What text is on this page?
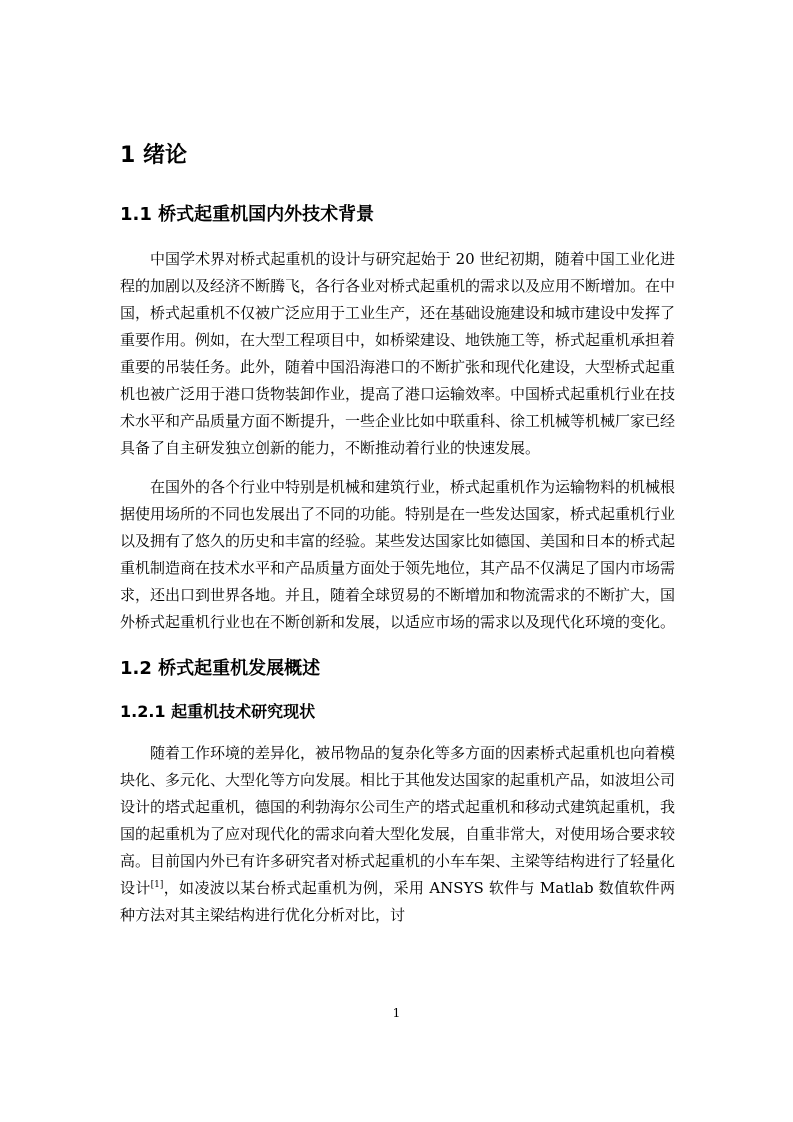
1 绪论
1.1 桥式起重机国内外技术背景

中国学术界对桥式起重机的设计与研究起始于 20 世纪初期，随着中国工业化进程的加剧以及经济不断腾飞，各行各业对桥式起重机的需求以及应用不断增加。在中国，桥式起重机不仅被广泛应用于工业生产，还在基础设施建设和城市建设中发挥了重要作用。例如，在大型工程项目中，如桥梁建设、地铁施工等，桥式起重机承担着重要的吊装任务。此外，随着中国沿海港口的不断扩张和现代化建设，大型桥式起重机也被广泛用于港口货物装卸作业，提高了港口运输效率。中国桥式起重机行业在技术水平和产品质量方面不断提升，一些企业比如中联重科、徐工机械等机械厂家已经具备了自主研发独立创新的能力，不断推动着行业的快速发展。

在国外的各个行业中特别是机械和建筑行业，桥式起重机作为运输物料的机械根据使用场所的不同也发展出了不同的功能。特别是在一些发达国家，桥式起重机行业以及拥有了悠久的历史和丰富的经验。某些发达国家比如德国、美国和日本的桥式起重机制造商在技术水平和产品质量方面处于领先地位，其产品不仅满足了国内市场需求，还出口到世界各地。并且，随着全球贸易的不断增加和物流需求的不断扩大，国外桥式起重机行业也在不断创新和发展，以适应市场的需求以及现代化环境的变化。

1.2 桥式起重机发展概述
1.2.1 起重机技术研究现状

随着工作环境的差异化，被吊物品的复杂化等多方面的因素桥式起重机也向着模块化、多元化、大型化等方向发展。相比于其他发达国家的起重机产品，如波坦公司设计的塔式起重机，德国的利勃海尔公司生产的塔式起重机和移动式建筑起重机，我国的起重机为了应对现代化的需求向着大型化发展，自重非常大，对使用场合要求较高。目前国内外已有许多研究者对桥式起重机的小车车架、主梁等结构进行了轻量化设计[1]，如凌波以某台桥式起重机为例，采用 ANSYS 软件与 Matlab 数值软件两种方法对其主梁结构进行优化分析对比，讨

1
